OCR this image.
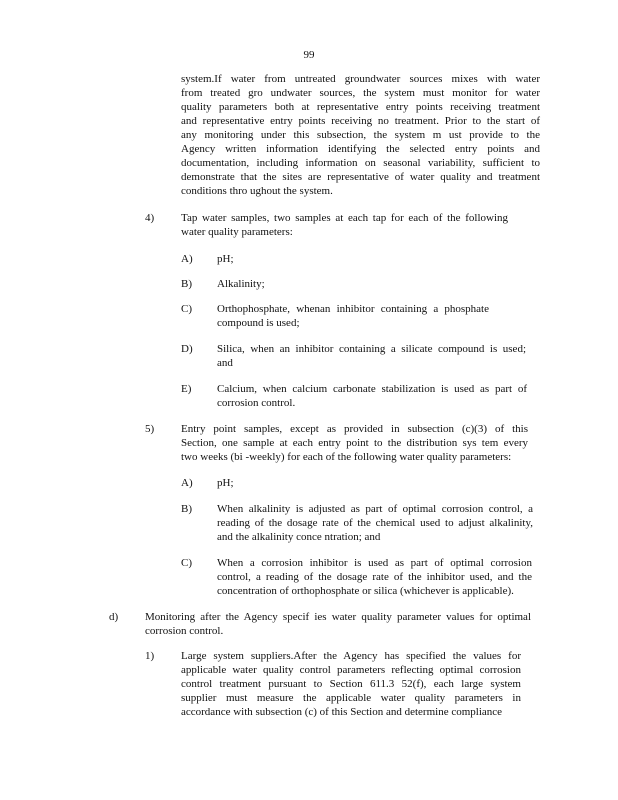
99
system.If water from untreated groundwater sources mixes with water
from treated gro undwater sources, the system must monitor for water
quality parameters both at representative entry points receiving treatment
and representative entry points receiving no treatment. Prior to the start of
any monitoring under this subsection, the system m ust provide to the
Agency written information identifying the selected entry points and
documentation, including information on seasonal variability, sufficient to
demonstrate that the sites are representative of water quality and treatment
conditions thro ughout the system.
4) Tap water samples, two samples at each tap for each of the following
water quality parameters:
A) pH;
B) Alkalinity;
C) Orthophosphate, whenan inhibitor containing a phosphate
compound is used;
D) Silica, when an inhibitor containing a silicate compound is used;
and
E) Calcium, when calcium carbonate stabilization is used as part of
corrosion control.
5) Entry point samples, except as provided in subsection (c)(3) of this
Section, one sample at each entry point to the distribution sys tem every
two weeks (bi -weekly) for each of the following water quality parameters:
A) pH;
B) When alkalinity is adjusted as part of optimal corrosion control, a
reading of the dosage rate of the chemical used to adjust alkalinity,
and the alkalinity conce ntration; and
C) When a corrosion inhibitor is used as part of optimal corrosion
control, a reading of the dosage rate of the inhibitor used, and the
concentration of orthophosphate or silica (whichever is applicable).
d) Monitoring after the Agency specif ies water quality parameter values for optimal
corrosion control.
1) Large system suppliers.After the Agency has specified the values for
applicable water quality control parameters reflecting optimal corrosion
control treatment pursuant to Section 611.3 52(f), each large system
supplier must measure the applicable water quality parameters in
accordance with subsection (c) of this Section and determine compliance
